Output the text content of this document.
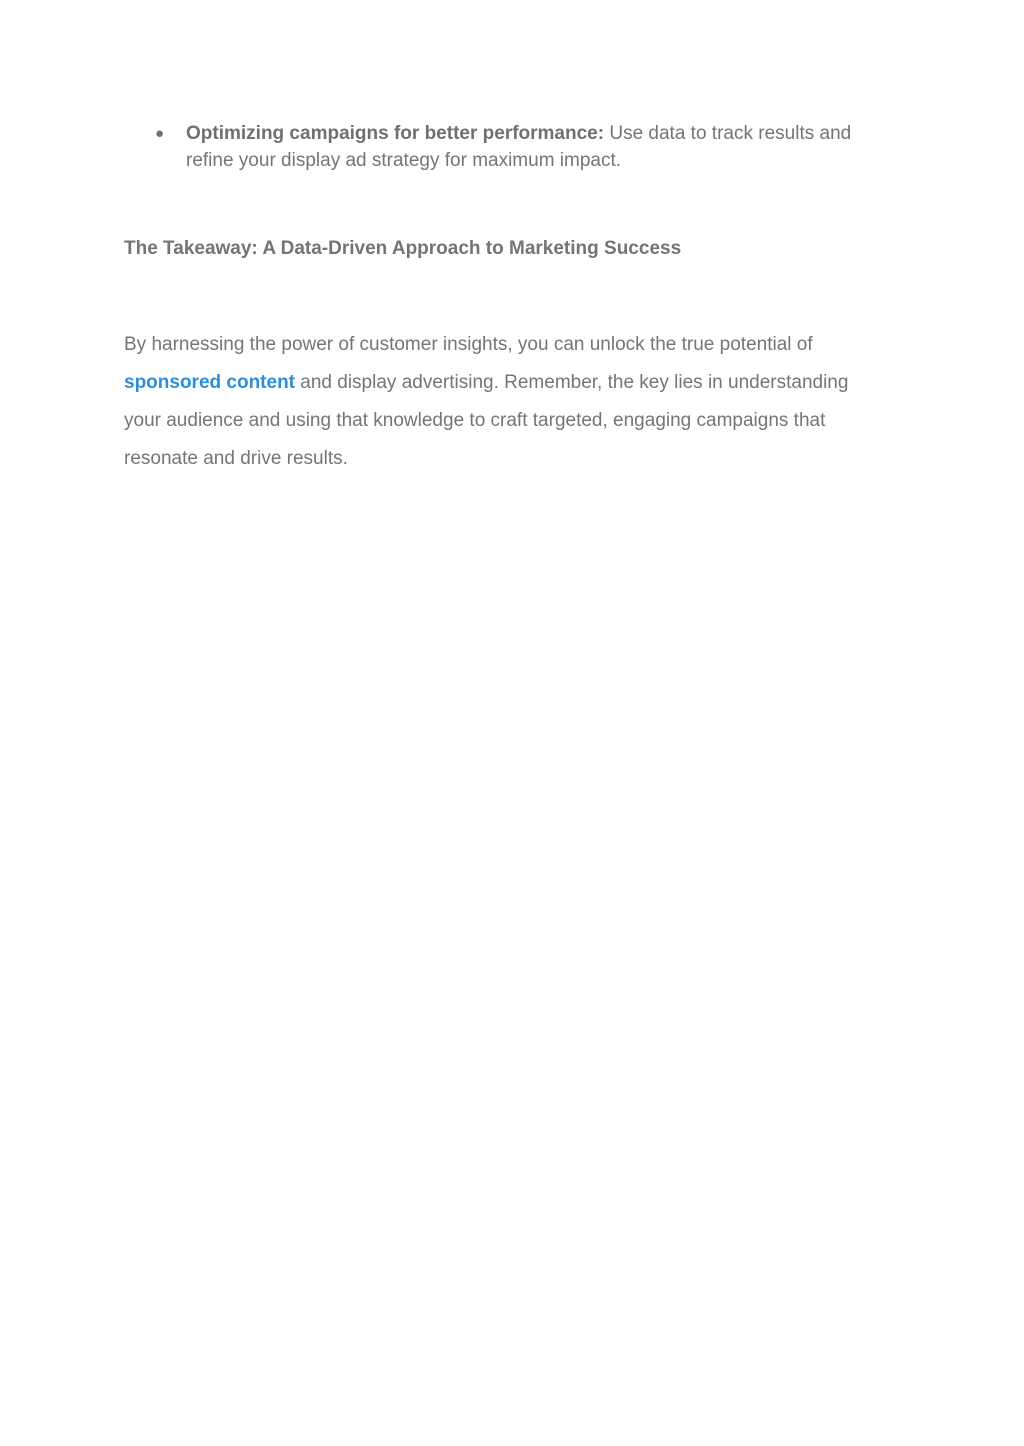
● Optimizing campaigns for better performance: Use data to track results and refine your display ad strategy for maximum impact.
The Takeaway: A Data-Driven Approach to Marketing Success

By harnessing the power of customer insights, you can unlock the true potential of sponsored content and display advertising. Remember, the key lies in understanding your audience and using that knowledge to craft targeted, engaging campaigns that resonate and drive results.
